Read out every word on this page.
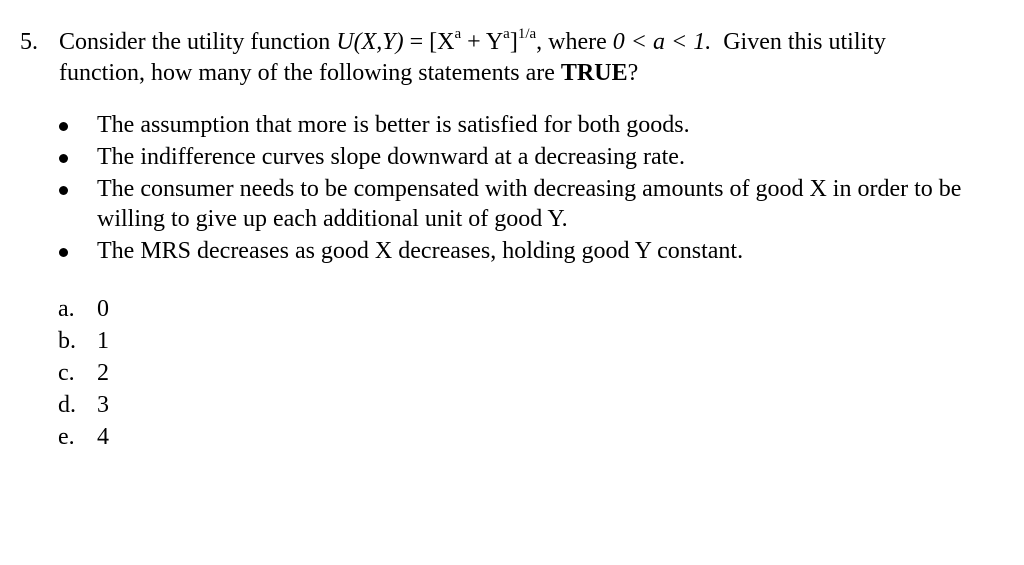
5. Consider the utility function $U(X,Y) = [X^a + Y^a]^{1/a}$, where 0 < a < 1.  Given this utility
function, how many of the following statements are TRUE?
The assumption that more is better is satisfied for both goods.
The indifference curves slope downward at a decreasing rate.
The consumer needs to be compensated with decreasing amounts of good X in order to be willing to give up each additional unit of good Y.
The MRS decreases as good X decreases, holding good Y constant.
a. 0
b. 1
c. 2
d. 3
e. 4
